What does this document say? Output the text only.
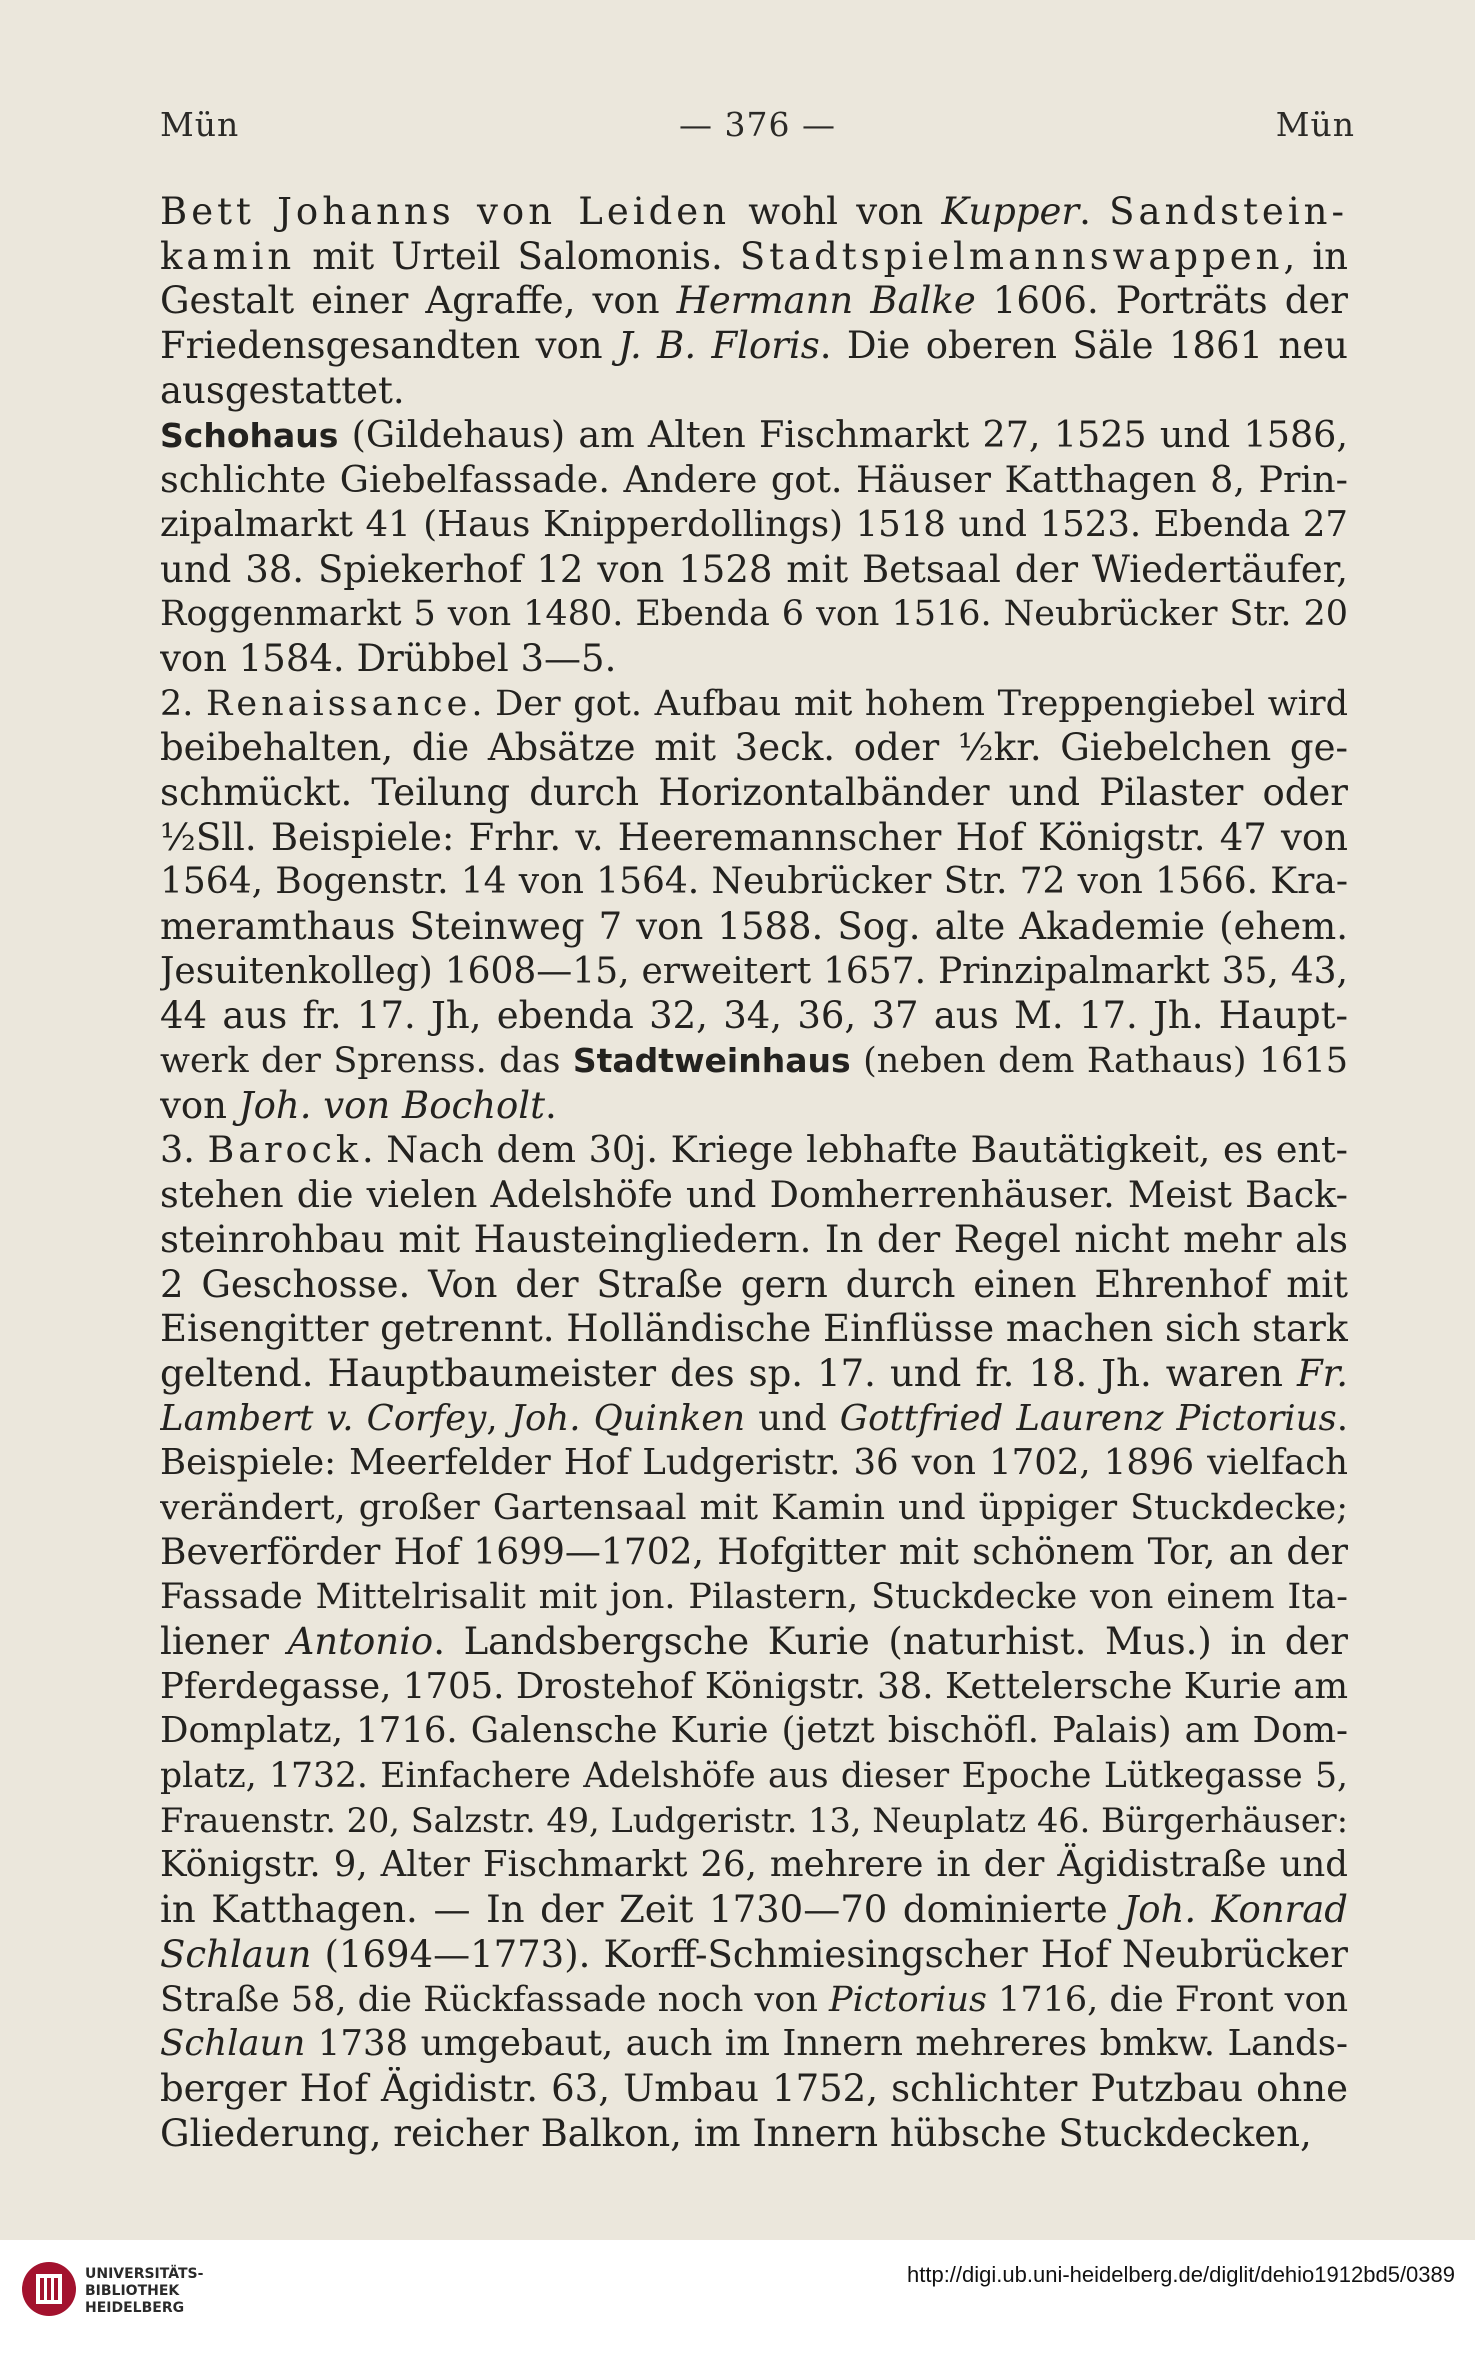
Mün	— 376 —	Mün
Bett Johanns von Leiden wohl von Kupper. Sandstein-
kamin mit Urteil Salomonis. Stadtspielmannswappen, in
Gestalt einer Agraffe, von Hermann Balke 1606. Porträts der
Friedensgesandten von J. B. Floris. Die oberen Säle 1861 neu
ausgestattet.
Schohaus (Gildehaus) am Alten Fischmarkt 27, 1525 und 1586,
schlichte Giebelfassade. Andere got. Häuser Katthagen 8, Prin-
zipalmarkt 41 (Haus Knipperdollings) 1518 und 1523. Ebenda 27
und 38. Spiekerhof 12 von 1528 mit Betsaal der Wiedertäufer,
Roggenmarkt 5 von 1480. Ebenda 6 von 1516. Neubrücker Str. 20
von 1584. Drübbel 3—5.
2. Renaissance. Der got. Aufbau mit hohem Treppengiebel wird
beibehalten, die Absätze mit 3eck. oder ½kr. Giebelchen ge-
schmückt. Teilung durch Horizontalbänder und Pilaster oder
½Sll. Beispiele: Frhr. v. Heeremannscher Hof Königstr. 47 von
1564, Bogenstr. 14 von 1564. Neubrücker Str. 72 von 1566. Kra-
meramthaus Steinweg 7 von 1588. Sog. alte Akademie (ehem.
Jesuitenkolleg) 1608—15, erweitert 1657. Prinzipalmarkt 35, 43,
44 aus fr. 17. Jh, ebenda 32, 34, 36, 37 aus M. 17. Jh. Haupt-
werk der Sprenss. das Stadtweinhaus (neben dem Rathaus) 1615
von Joh. von Bocholt.
3. Barock. Nach dem 30j. Kriege lebhafte Bautätigkeit, es ent-
stehen die vielen Adelshöfe und Domherrenhäuser. Meist Back-
steinrohbau mit Hausteingliedern. In der Regel nicht mehr als
2 Geschosse. Von der Straße gern durch einen Ehrenhof mit
Eisengitter getrennt. Holländische Einflüsse machen sich stark
geltend. Hauptbaumeister des sp. 17. und fr. 18. Jh. waren Fr.
Lambert v. Corfey, Joh. Quinken und Gottfried Laurenz Pictorius.
Beispiele: Meerfelder Hof Ludgeristr. 36 von 1702, 1896 vielfach
verändert, großer Gartensaal mit Kamin und üppiger Stuckdecke;
Beverförder Hof 1699—1702, Hofgitter mit schönem Tor, an der
Fassade Mittelrisalit mit jon. Pilastern, Stuckdecke von einem Ita-
liener Antonio. Landsbergsche Kurie (naturhist. Mus.) in der
Pferdegasse, 1705. Drostehof Königstr. 38. Kettelersche Kurie am
Domplatz, 1716. Galensche Kurie (jetzt bischöfl. Palais) am Dom-
platz, 1732. Einfachere Adelshöfe aus dieser Epoche Lütkegasse 5,
Frauenstr. 20, Salzstr. 49, Ludgeristr. 13, Neuplatz 46. Bürgerhäuser:
Königstr. 9, Alter Fischmarkt 26, mehrere in der Ägidistraße und
in Katthagen. — In der Zeit 1730—70 dominierte Joh. Konrad
Schlaun (1694—1773). Korff-Schmiesingscher Hof Neubrücker
Straße 58, die Rückfassade noch von Pictorius 1716, die Front von
Schlaun 1738 umgebaut, auch im Innern mehreres bmkw. Lands-
berger Hof Ägidistr. 63, Umbau 1752, schlichter Putzbau ohne
Gliederung, reicher Balkon, im Innern hübsche Stuckdecken,
UNIVERSITÄTS-
BIBLIOTHEK
HEIDELBERG
http://digi.ub.uni-heidelberg.de/diglit/dehio1912bd5/0389
